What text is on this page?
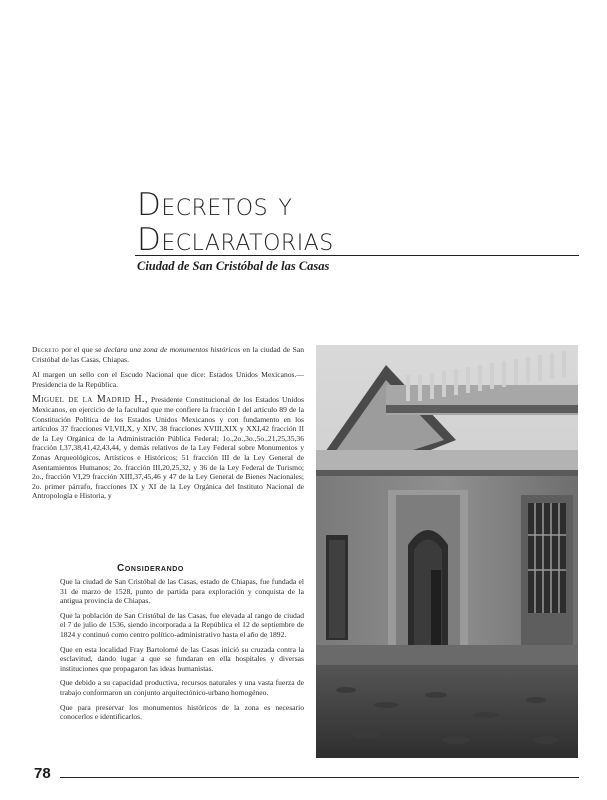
Decretos y
Declaratorias
Ciudad de San Cristóbal de las Casas

Decreto por el que se declara una zona de monumentos históricos en la ciudad de San Cristóbal de las Casas, Chiapas.

Al margen un sello con el Escudo Nacional que dice: Estados Unidos Mexicanos.—Presidencia de la República.

Miguel de la Madrid H., Presidente Constitucional de los Estados Unidos Mexicanos, en ejercicio de la facultad que me confiere la fracción I del artículo 89 de la Constitución Política de los Estados Unidos Mexicanos y con fundamento en los artículos 37 fracciones VI,VII,X, y XIV, 38 fracciones XVIII,XIX y XXI,42 fracción II de la Ley Orgánica de la Administración Pública Federal; 1o.,2o.,3o.,5o.,21,25,35,36 fracción I,37,38,41,42,43,44, y demás relativos de la Ley Federal sobre Monumentos y Zonas Arqueológicos, Artísticos e Históricos; 51 fracción III de la Ley General de Asentamientos Humanos; 2o. fracción III,20,25,32, y 36 de la Ley Federal de Turismo; 2o., fracción VI,29 fracción XIII,37,45,46 y 47 de la Ley General de Bienes Nacionales; 2o. primer párrafo, fracciones IX y XI de la Ley Orgánica del Instituto Nacional de Antropología e Historia, y

Considerando

Que la ciudad de San Cristóbal de las Casas, estado de Chiapas, fue fundada el 31 de marzo de 1528, punto de partida para exploración y conquista de la antigua provincia de Chiapas.

Que la población de San Cristóbal de las Casas, fue elevada al rango de ciudad el 7 de julio de 1536, siendo incorporada a la República el 12 de septiembre de 1824 y continuó como centro político-administrativo hasta el año de 1892.

Que en esta localidad Fray Bartolomé de las Casas inició su cruzada contra la esclavitud, dando lugar a que se fundaran en ella hospitales y diversas instituciones que propagaron las ideas humanistas.

Que debido a su capacidad productiva, recursos naturales y una vasta fuerza de trabajo conformaron un conjunto arquitectónico-urbano homogéneo.

Que para preservar los monumentos históricos de la zona es necesario conocerlos e identificarlos.

78
